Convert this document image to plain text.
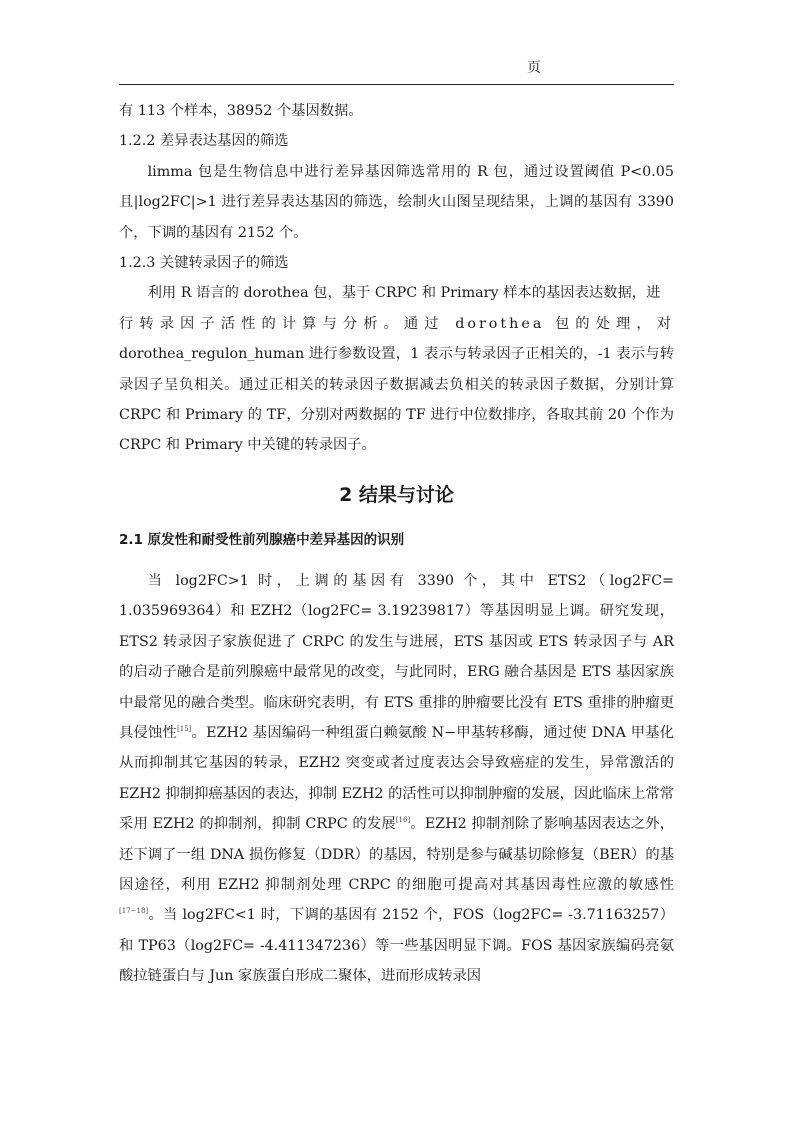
页

有 113 个样本，38952 个基因数据。

1.2.2 差异表达基因的筛选

limma 包是生物信息中进行差异基因筛选常用的 R 包，通过设置阈值 P<0.05 且|log2FC|>1 进行差异表达基因的筛选，绘制火山图呈现结果，上调的基因有 3390 个，下调的基因有 2152 个。

1.2.3 关键转录因子的筛选

利用 R 语言的 dorothea 包，基于 CRPC 和 Primary 样本的基因表达数据，进

行转录因子活性的计算与分析。通过 dorothea 包的处理，对

dorothea_regulon_human 进行参数设置，1 表示与转录因子正相关的，-1 表示与转录因子呈负相关。通过正相关的转录因子数据减去负相关的转录因子数据，分别计算 CRPC 和 Primary 的 TF，分别对两数据的 TF 进行中位数排序，各取其前 20 个作为 CRPC 和 Primary 中关键的转录因子。

2 结果与讨论
2.1 原发性和耐受性前列腺癌中差异基因的识别

当 log2FC>1 时，上调的基因有 3390 个，其中 ETS2（log2FC= 1.035969364）和 EZH2（log2FC= 3.19239817）等基因明显上调。研究发现，ETS2 转录因子家族促进了 CRPC 的发生与进展，ETS 基因或 ETS 转录因子与 AR 的启动子融合是前列腺癌中最常见的改变，与此同时，ERG 融合基因是 ETS 基因家族中最常见的融合类型。临床研究表明，有 ETS 重排的肿瘤要比没有 ETS 重排的肿瘤更具侵蚀性[15]。EZH2 基因编码一种组蛋白赖氨酸 N−甲基转移酶，通过使 DNA 甲基化从而抑制其它基因的转录，EZH2 突变或者过度表达会导致癌症的发生，异常激活的 EZH2 抑制抑癌基因的表达，抑制 EZH2 的活性可以抑制肿瘤的发展，因此临床上常常采用 EZH2 的抑制剂，抑制 CRPC 的发展[16]。EZH2 抑制剂除了影响基因表达之外，还下调了一组 DNA 损伤修复（DDR）的基因，特别是参与碱基切除修复（BER）的基因途径，利用 EZH2 抑制剂处理 CRPC 的细胞可提高对其基因毒性应激的敏感性[17−18]。当 log2FC<1 时，下调的基因有 2152 个，FOS（log2FC= -3.71163257）和 TP63（log2FC= -4.411347236）等一些基因明显下调。FOS 基因家族编码亮氨酸拉链蛋白与 Jun 家族蛋白形成二聚体，进而形成转录因
